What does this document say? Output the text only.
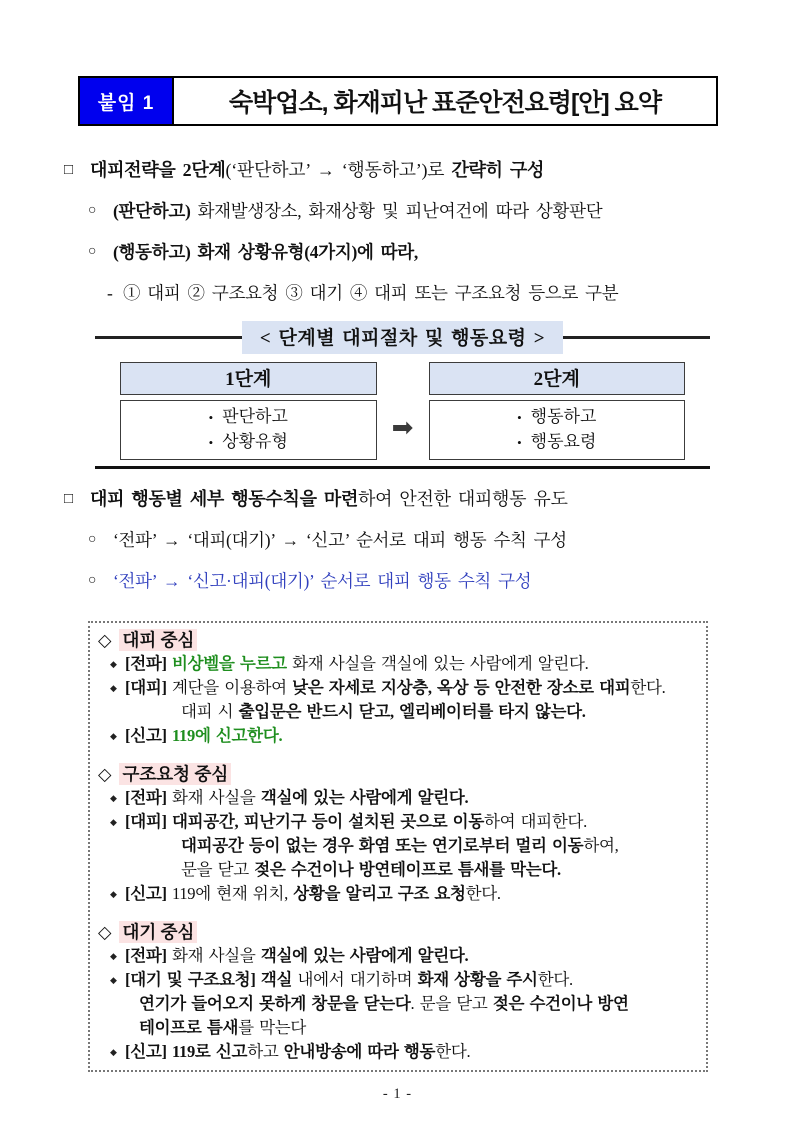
붙임 1	숙박업소, 화재피난 표준안전요령[안] 요약
□ 대피전략을 2단계(‘판단하고’ → ‘행동하고’)로 간략히 구성
○ (판단하고) 화재발생장소, 화재상황 및 피난여건에 따라 상황판단
○ (행동하고) 화재 상황유형(4가지)에 따라,
- ① 대피 ② 구조요청 ③ 대기 ④ 대피 또는 구조요청 등으로 구분
< 단계별 대피절차 및 행동요령 >
1단계
• 판단하고
• 상황유형	➡
2단계
• 행동하고
• 행동요령
□ 대피 행동별 세부 행동수칙을 마련하여 안전한 대피행동 유도
○ ‘전파’ → ‘대피(대기)’ → ‘신고’ 순서로 대피 행동 수칙 구성
○ ‘전파’ → ‘신고·대피(대기)’ 순서로 대피 행동 수칙 구성
◇ 대피 중심
◆ [전파] 비상벨을 누르고 화재 사실을 객실에 있는 사람에게 알린다.
◆ [대피] 계단을 이용하여 낮은 자세로 지상층, 옥상 등 안전한 장소로 대피한다.
대피 시 출입문은 반드시 닫고, 엘리베이터를 타지 않는다.
◆ [신고] 119에 신고한다.
◇ 구조요청 중심
◆ [전파] 화재 사실을 객실에 있는 사람에게 알린다.
◆ [대피] 대피공간, 피난기구 등이 설치된 곳으로 이동하여 대피한다.
대피공간 등이 없는 경우 화염 또는 연기로부터 멀리 이동하여,
문을 닫고 젖은 수건이나 방연테이프로 틈새를 막는다.
◆ [신고] 119에 현재 위치, 상황을 알리고 구조 요청한다.
◇ 대기 중심
◆ [전파] 화재 사실을 객실에 있는 사람에게 알린다.
◆ [대기 및 구조요청] 객실 내에서 대기하며 화재 상황을 주시한다.
연기가 들어오지 못하게 창문을 닫는다. 문을 닫고 젖은 수건이나 방연
테이프로 틈새를 막는다
◆ [신고] 119로 신고하고 안내방송에 따라 행동한다.
- 1 -
